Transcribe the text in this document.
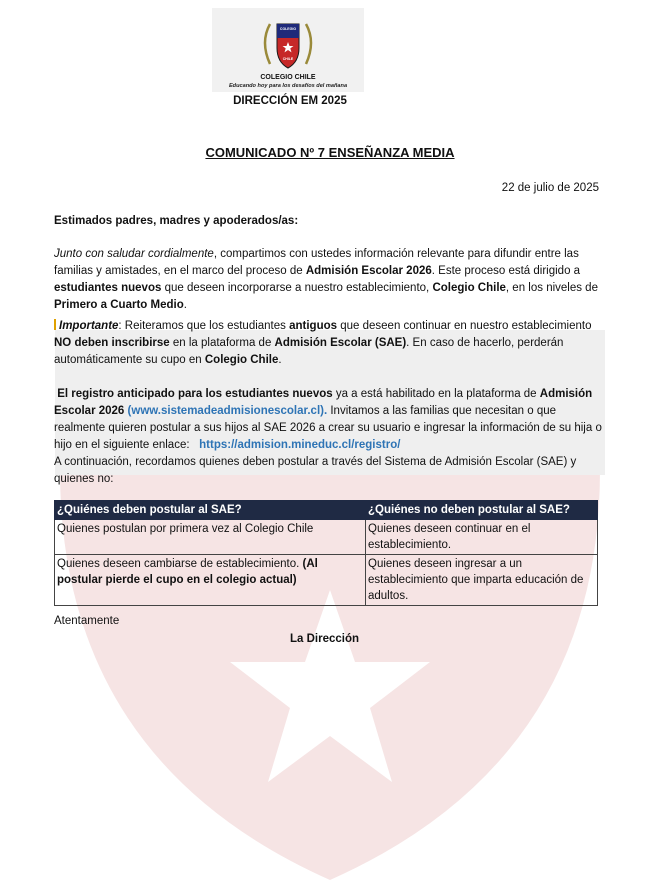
COLEGIO
CHILE
COLEGIO CHILE
Educando hoy para los desafíos del mañana
DIRECCIÓN EM 2025
COMUNICADO Nº 7 ENSEÑANZA MEDIA
22 de julio de 2025
Estimados padres, madres y apoderados/as:
Junto con saludar cordialmente, compartimos con ustedes información relevante para difundir entre las familias y amistades, en el marco del proceso de Admisión Escolar 2026. Este proceso está dirigido a estudiantes nuevos que deseen incorporarse a nuestro establecimiento, Colegio Chile, en los niveles de Primero a Cuarto Medio.
Importante: Reiteramos que los estudiantes antiguos que deseen continuar en nuestro establecimiento NO deben inscribirse en la plataforma de Admisión Escolar (SAE). En caso de hacerlo, perderán automáticamente su cupo en Colegio Chile.
El registro anticipado para los estudiantes nuevos ya a está habilitado en la plataforma de Admisión Escolar 2026 (www.sistemadeadmisionescolar.cl). Invitamos a las familias que necesitan o que realmente quieren postular a sus hijos al SAE 2026 a crear su usuario e ingresar la información de su hija o hijo en el siguiente enlace: https://admision.mineduc.cl/registro/
A continuación, recordamos quienes deben postular a través del Sistema de Admisión Escolar (SAE) y quienes no:
¿Quiénes deben postular al SAE?	¿Quiénes no deben postular al SAE?
Quienes postulan por primera vez al Colegio Chile	Quienes deseen continuar en el establecimiento.
Quienes deseen cambiarse de establecimiento. (Al postular pierde el cupo en el colegio actual)	Quienes deseen ingresar a un establecimiento que imparta educación de adultos.
Atentamente
La Dirección
